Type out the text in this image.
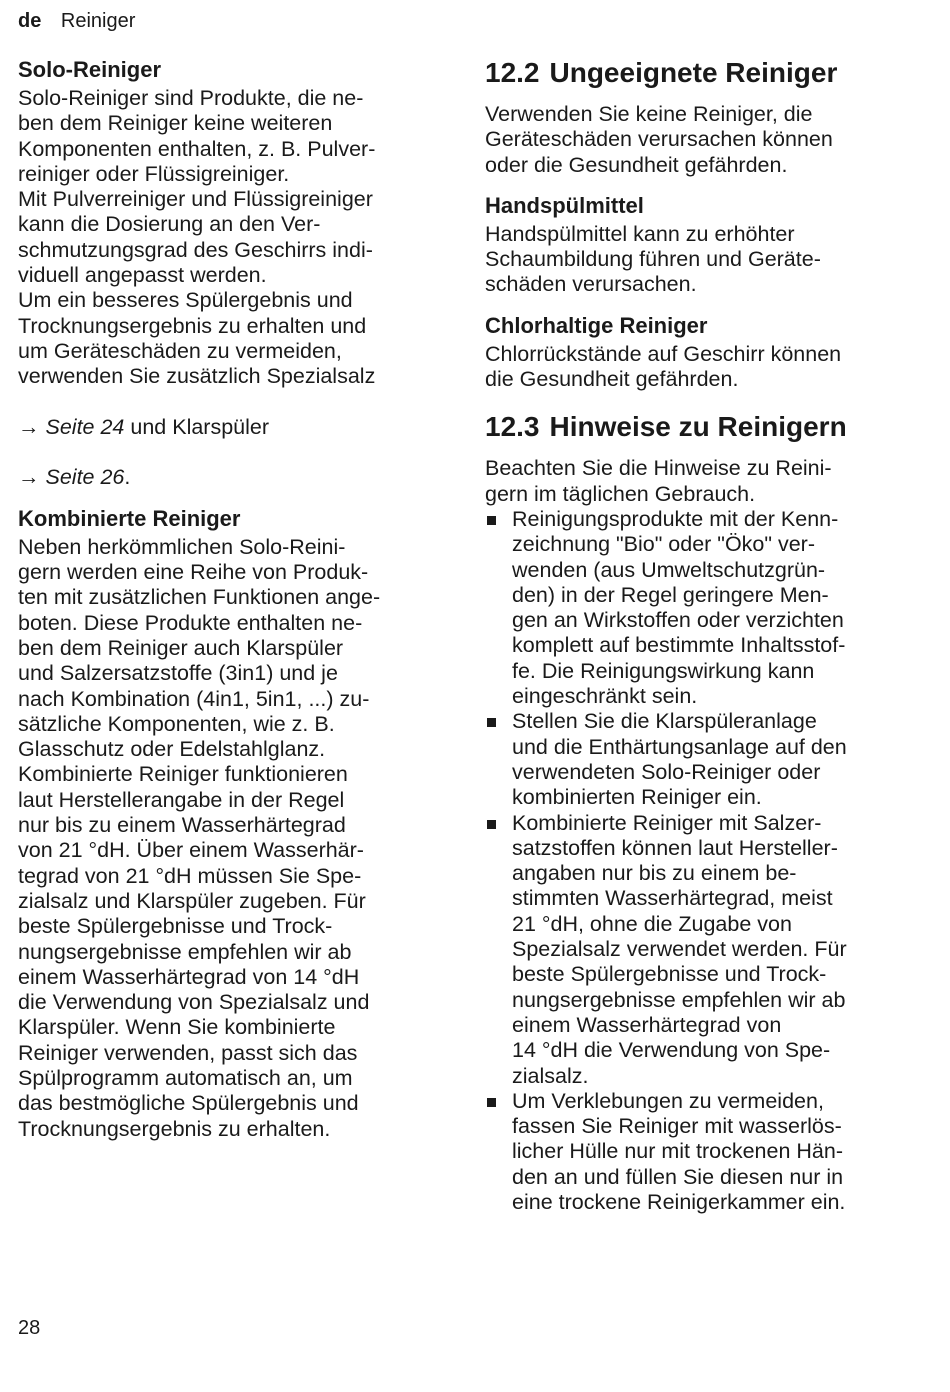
de Reiniger
Solo-Reiniger

Solo-Reiniger sind Produkte, die ne-
ben dem Reiniger keine weiteren
Komponenten enthalten, z. B. Pulver-
reiniger oder Flüssigreiniger.
Mit Pulverreiniger und Flüssigreiniger
kann die Dosierung an den Ver-
schmutzungsgrad des Geschirrs indi-
viduell angepasst werden.
Um ein besseres Spülergebnis und
Trocknungsergebnis zu erhalten und
um Geräteschäden zu vermeiden,
verwenden Sie zusätzlich Spezialsalz

→ Seite 24 und Klarspüler

→ Seite 26.

Kombinierte Reiniger

Neben herkömmlichen Solo-Reini-
gern werden eine Reihe von Produk-
ten mit zusätzlichen Funktionen ange-
boten. Diese Produkte enthalten ne-
ben dem Reiniger auch Klarspüler
und Salzersatzstoffe (3in1) und je
nach Kombination (4in1, 5in1, ...) zu-
sätzliche Komponenten, wie z. B.
Glasschutz oder Edelstahlglanz.
Kombinierte Reiniger funktionieren
laut Herstellerangabe in der Regel
nur bis zu einem Wasserhärtegrad
von 21 °dH. Über einem Wasserhär-
tegrad von 21 °dH müssen Sie Spe-
zialsalz und Klarspüler zugeben. Für
beste Spülergebnisse und Trock-
nungsergebnisse empfehlen wir ab
einem Wasserhärtegrad von 14 °dH
die Verwendung von Spezialsalz und
Klarspüler. Wenn Sie kombinierte
Reiniger verwenden, passt sich das
Spülprogramm automatisch an, um
das bestmögliche Spülergebnis und
Trocknungsergebnis zu erhalten.

12.2 Ungeeignete Reiniger

Verwenden Sie keine Reiniger, die
Geräteschäden verursachen können
oder die Gesundheit gefährden.

Handspülmittel

Handspülmittel kann zu erhöhter
Schaumbildung führen und Geräte-
schäden verursachen.

Chlorhaltige Reiniger

Chlorrückstände auf Geschirr können
die Gesundheit gefährden.

12.3 Hinweise zu Reinigern

Beachten Sie die Hinweise zu Reini-
gern im täglichen Gebrauch.

Reinigungsprodukte mit der Kenn-
zeichnung "Bio" oder "Öko" ver-
wenden (aus Umweltschutzgrün-
den) in der Regel geringere Men-
gen an Wirkstoffen oder verzichten
komplett auf bestimmte Inhaltsstof-
fe. Die Reinigungswirkung kann
eingeschränkt sein.
Stellen Sie die Klarspüleranlage
und die Enthärtungsanlage auf den
verwendeten Solo-Reiniger oder
kombinierten Reiniger ein.
Kombinierte Reiniger mit Salzer-
satzstoffen können laut Hersteller-
angaben nur bis zu einem be-
stimmten Wasserhärtegrad, meist
21 °dH, ohne die Zugabe von
Spezialsalz verwendet werden. Für
beste Spülergebnisse und Trock-
nungsergebnisse empfehlen wir ab
einem Wasserhärtegrad von
14 °dH die Verwendung von Spe-
zialsalz.
Um Verklebungen zu vermeiden,
fassen Sie Reiniger mit wasserlös-
licher Hülle nur mit trockenen Hän-
den an und füllen Sie diesen nur in
eine trockene Reinigerkammer ein.
28
